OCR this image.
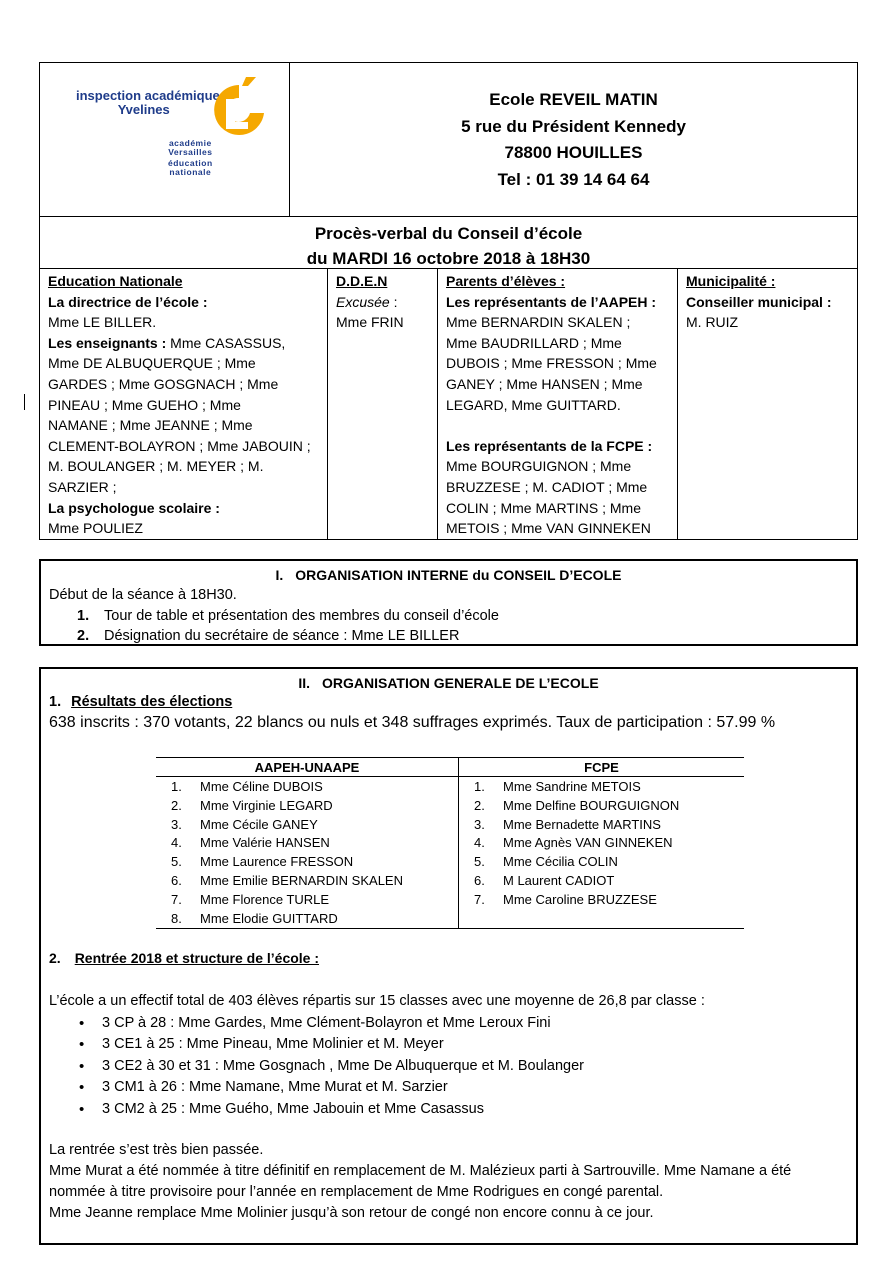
inspection académique
Yvelines
académie
Versailles
éducation
nationale
Ecole REVEIL MATIN
5 rue du Président Kennedy
78800 HOUILLES
Tel : 01 39 14 64 64
Procès-verbal du Conseil d’école
du MARDI 16 octobre 2018 à 18H30
Education Nationale
La directrice de l’école :
Mme LE BILLER.
Les enseignants : Mme CASASSUS,
Mme DE ALBUQUERQUE ; Mme
GARDES ; Mme GOSGNACH ; Mme
PINEAU ; Mme GUEHO ; Mme
NAMANE ; Mme JEANNE ; Mme
CLEMENT-BOLAYRON ; Mme JABOUIN ;
M. BOULANGER ; M. MEYER ; M.
SARZIER ;
La psychologue scolaire :
Mme POULIEZ
D.D.E.N
Excusée :
Mme FRIN
Parents d’élèves :
Les représentants de l’AAPEH :
Mme BERNARDIN SKALEN ;
Mme BAUDRILLARD ; Mme
DUBOIS ; Mme FRESSON ; Mme
GANEY ; Mme HANSEN ; Mme
LEGARD, Mme GUITTARD.
Les représentants de la FCPE :
Mme BOURGUIGNON ; Mme
BRUZZESE ; M. CADIOT ; Mme
COLIN ; Mme MARTINS ; Mme
METOIS ; Mme VAN GINNEKEN
Municipalité :
Conseiller municipal :
M. RUIZ
I. ORGANISATION INTERNE du CONSEIL D’ECOLE
Début de la séance à 18H30.
1. Tour de table et présentation des membres du conseil d’école
2. Désignation du secrétaire de séance : Mme LE BILLER
II. ORGANISATION GENERALE DE L’ECOLE
1. Résultats des élections
638 inscrits : 370 votants, 22 blancs ou nuls et 348 suffrages exprimés. Taux de participation : 57.99 %
AAPEH-UNAAPE	FCPE
1. Mme Céline DUBOIS
2. Mme Virginie LEGARD
3. Mme Cécile GANEY
4. Mme Valérie HANSEN
5. Mme Laurence FRESSON
6. Mme Emilie BERNARDIN SKALEN
7. Mme Florence TURLE
8. Mme Elodie GUITTARD
1. Mme Sandrine METOIS
2. Mme Delfine BOURGUIGNON
3. Mme Bernadette MARTINS
4. Mme Agnès VAN GINNEKEN
5. Mme Cécilia COLIN
6. M Laurent CADIOT
7. Mme Caroline BRUZZESE
2. Rentrée 2018 et structure de l’école :
L’école a un effectif total de 403 élèves répartis sur 15 classes avec une moyenne de 26,8 par classe :
• 3 CP à 28 : Mme Gardes, Mme Clément-Bolayron et Mme Leroux Fini
• 3 CE1 à 25 : Mme Pineau, Mme Molinier et M. Meyer
• 3 CE2 à 30 et 31 : Mme Gosgnach , Mme De Albuquerque et M. Boulanger
• 3 CM1 à 26 : Mme Namane, Mme Murat et M. Sarzier
• 3 CM2 à 25 : Mme Guého, Mme Jabouin et Mme Casassus
La rentrée s’est très bien passée.
Mme Murat a été nommée à titre définitif en remplacement de M. Malézieux parti à Sartrouville. Mme Namane a été nommée à titre provisoire pour l’année en remplacement de Mme Rodrigues en congé parental.
Mme Jeanne remplace Mme Molinier jusqu’à son retour de congé non encore connu à ce jour.
